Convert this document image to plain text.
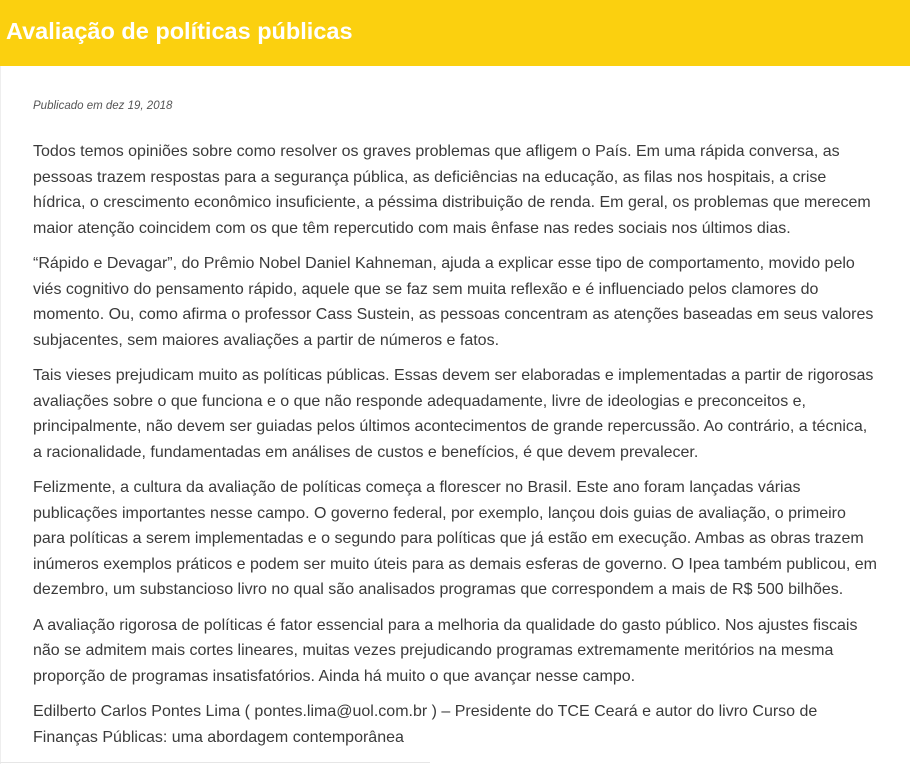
Avaliação de políticas públicas
Publicado em dez 19, 2018

Todos temos opiniões sobre como resolver os graves problemas que afligem o País. Em uma rápida conversa, as pessoas trazem respostas para a segurança pública, as deficiências na educação, as filas nos hospitais, a crise hídrica, o crescimento econômico insuficiente, a péssima distribuição de renda. Em geral, os problemas que merecem maior atenção coincidem com os que têm repercutido com mais ênfase nas redes sociais nos últimos dias.

“Rápido e Devagar”, do Prêmio Nobel Daniel Kahneman, ajuda a explicar esse tipo de comportamento, movido pelo viés cognitivo do pensamento rápido, aquele que se faz sem muita reflexão e é influenciado pelos clamores do momento. Ou, como afirma o professor Cass Sustein, as pessoas concentram as atenções baseadas em seus valores subjacentes, sem maiores avaliações a partir de números e fatos.

Tais vieses prejudicam muito as políticas públicas. Essas devem ser elaboradas e implementadas a partir de rigorosas avaliações sobre o que funciona e o que não responde adequadamente, livre de ideologias e preconceitos e, principalmente, não devem ser guiadas pelos últimos acontecimentos de grande repercussão. Ao contrário, a técnica, a racionalidade, fundamentadas em análises de custos e benefícios, é que devem prevalecer.

Felizmente, a cultura da avaliação de políticas começa a florescer no Brasil. Este ano foram lançadas várias publicações importantes nesse campo. O governo federal, por exemplo, lançou dois guias de avaliação, o primeiro para políticas a serem implementadas e o segundo para políticas que já estão em execução. Ambas as obras trazem inúmeros exemplos práticos e podem ser muito úteis para as demais esferas de governo. O Ipea também publicou, em dezembro, um substancioso livro no qual são analisados programas que correspondem a mais de R$ 500 bilhões.

A avaliação rigorosa de políticas é fator essencial para a melhoria da qualidade do gasto público. Nos ajustes fiscais não se admitem mais cortes lineares, muitas vezes prejudicando programas extremamente meritórios na mesma proporção de programas insatisfatórios. Ainda há muito o que avançar nesse campo.

Edilberto Carlos Pontes Lima ( pontes.lima@uol.com.br ) – Presidente do TCE Ceará e autor do livro Curso de Finanças Públicas: uma abordagem contemporânea
